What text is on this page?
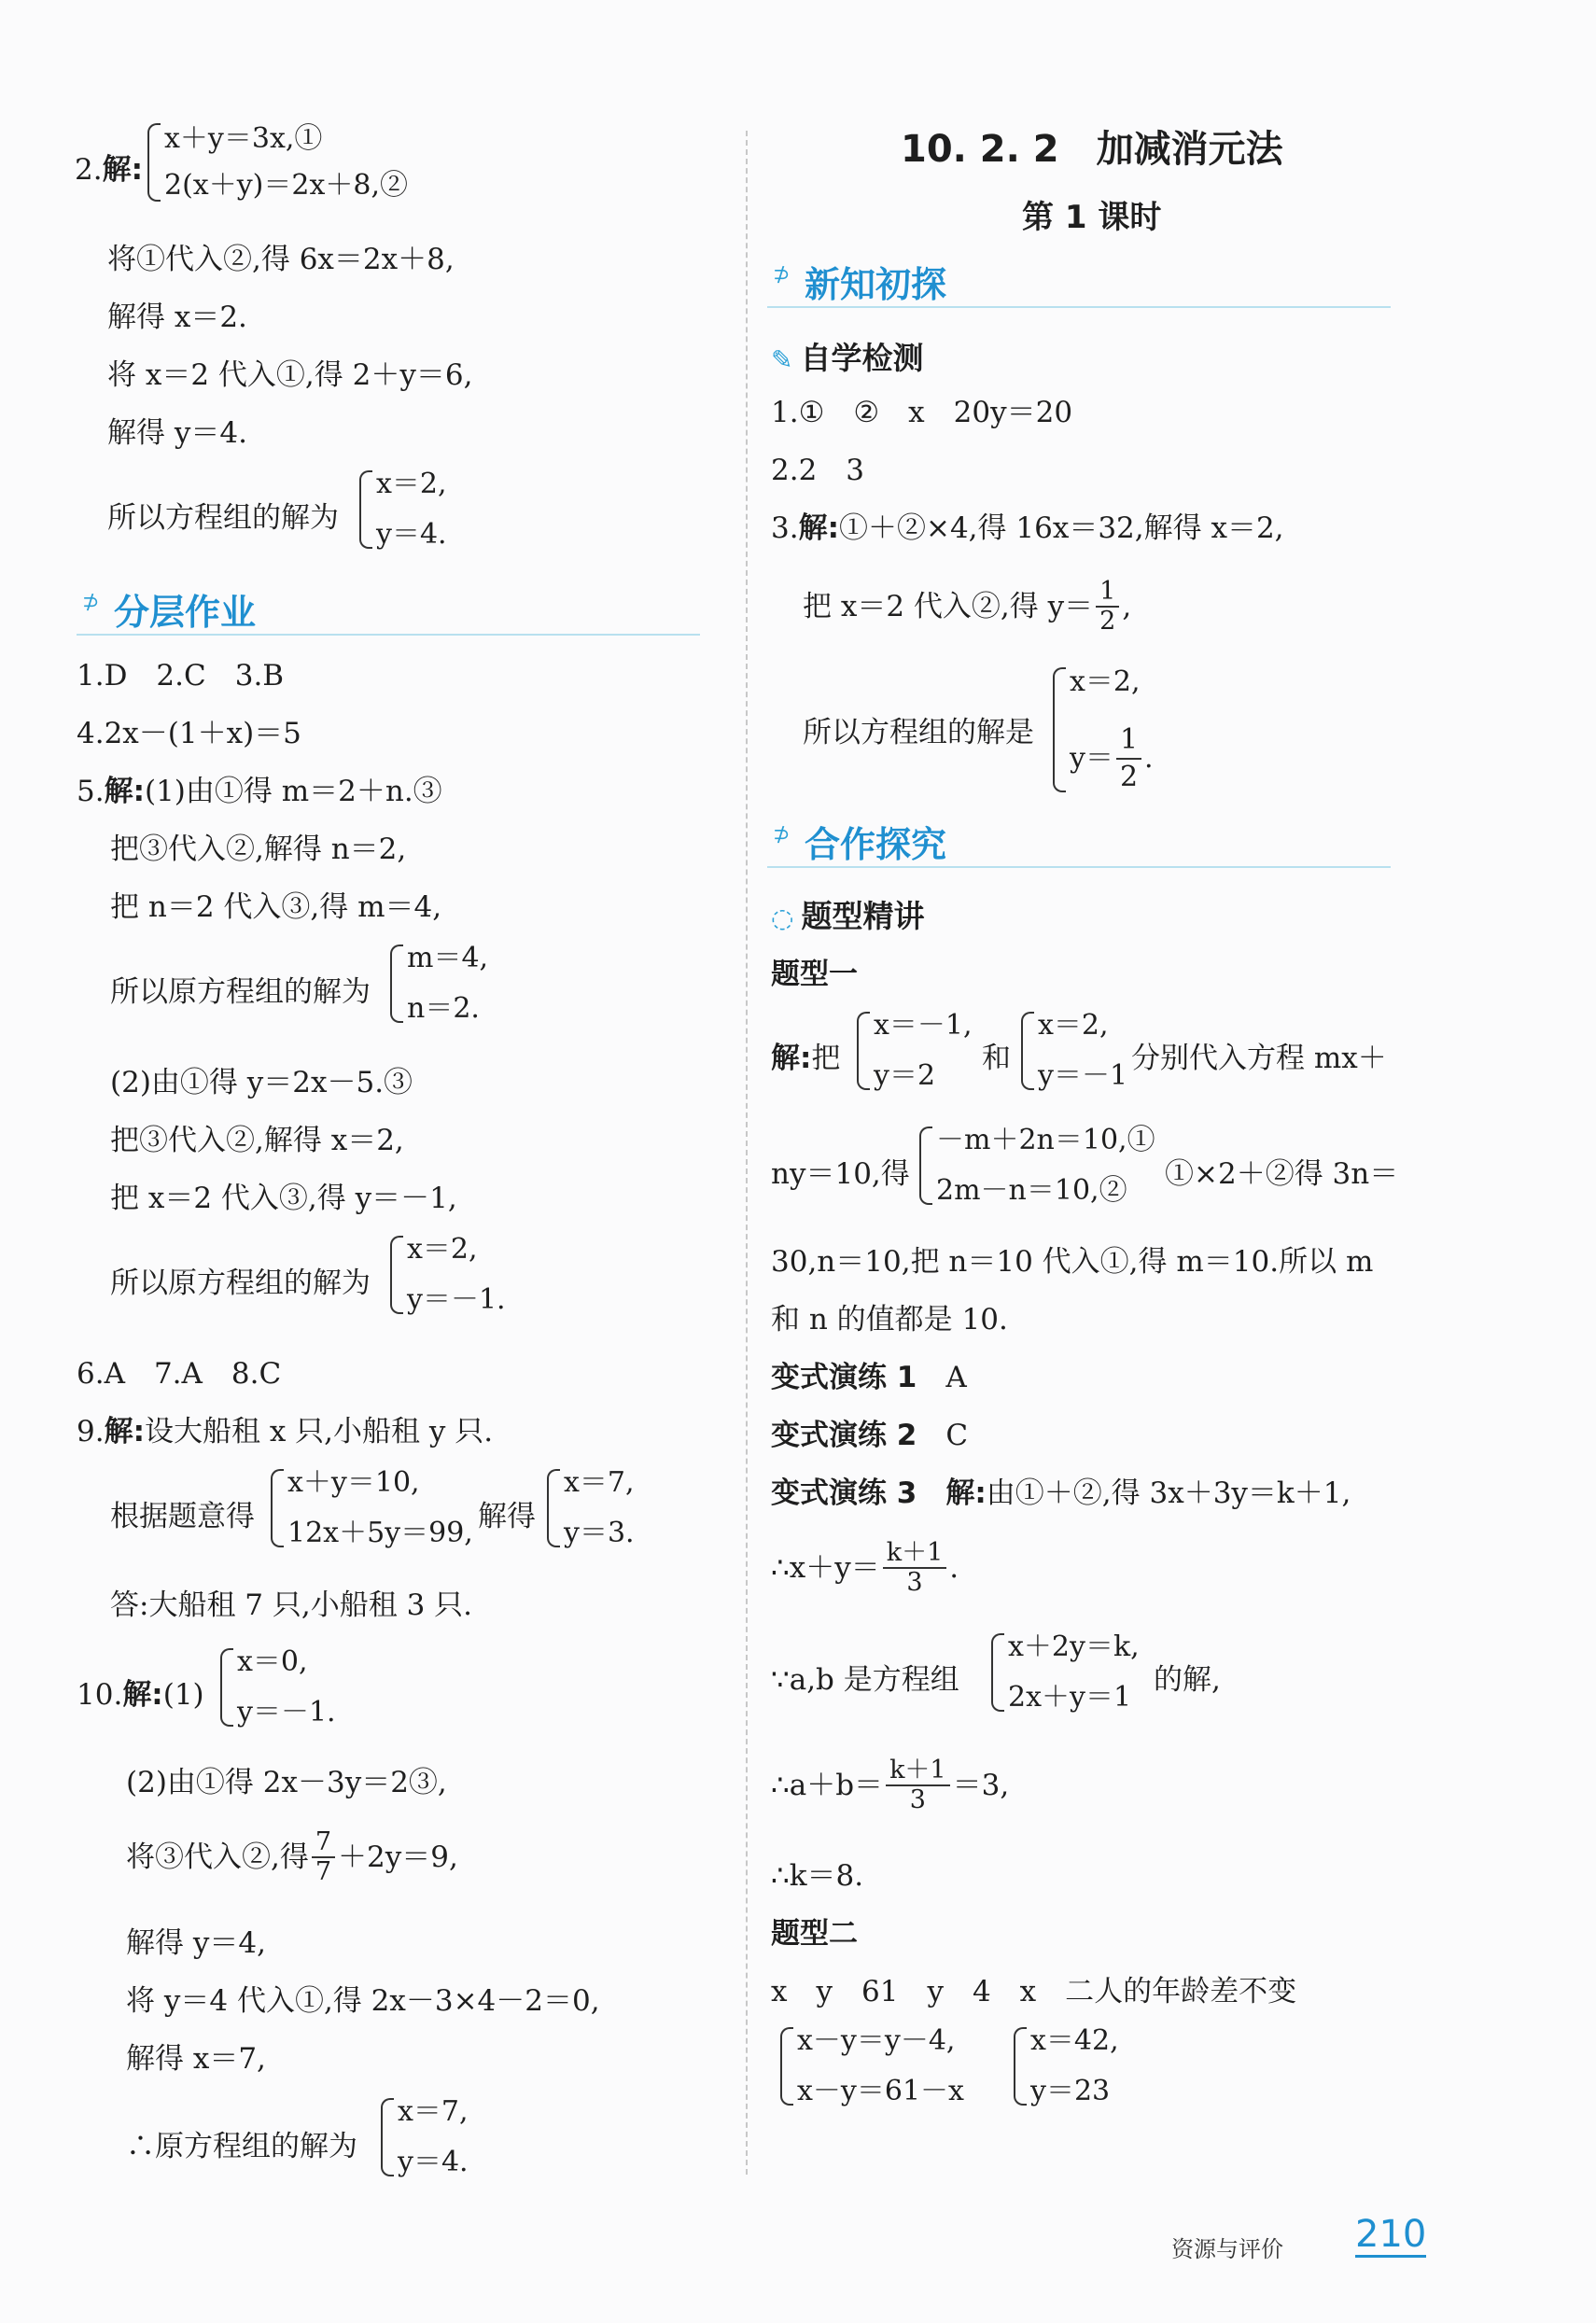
2.解:
x＋y＝3x,①
2(x＋y)＝2x＋8,②
将①代入②,得 6x＝2x＋8,
解得 x＝2.
将 x＝2 代入①,得 2＋y＝6,
解得 y＝4.
所以方程组的解为
x＝2,
y＝4.
⊅ 分层作业
1.D　2.C　3.B
4.2x－(1＋x)＝5
5.解:(1)由①得 m＝2＋n.③
把③代入②,解得 n＝2,
把 n＝2 代入③,得 m＝4,
所以原方程组的解为
m＝4,
n＝2.
(2)由①得 y＝2x－5.③
把③代入②,解得 x＝2,
把 x＝2 代入③,得 y＝－1,
所以原方程组的解为
x＝2,
y＝－1.
6.A　7.A　8.C
9.解:设大船租 x 只,小船租 y 只.
根据题意得
x＋y＝10,
12x＋5y＝99, 解得
x＝7,
y＝3.
答:大船租 7 只,小船租 3 只.
10.解:(1)
x＝0,
y＝－1.
(2)由①得 2x－3y＝2③,
将③代入②,得 $\frac{7}{7} +2y=9$,
解得 y＝4,
将 y＝4 代入①,得 2x－3×4－2＝0,
解得 x＝7,
∴原方程组的解为
x＝7,
y＝4.
10. 2. 2　加减消元法
第 1 课时
⊅ 新知初探
✎ 自学检测
1.①　②　x　20y＝20
2.2　3
3.解:①＋②×4,得 16x＝32,解得 x＝2,
把 x＝2 代入②,得 $y= \frac{1}{2}$ ,
所以方程组的解是
x＝2,
$y= \frac{1}{2}$ .
⊅ 合作探究
◌ 题型精讲
题型一
解:把
x＝－1,
y＝2
和
x＝2,
y＝－1
分别代入方程 mx＋
ny＝10,得
－m＋2n＝10,①
2m－n＝10,②	①×2＋②得 3n＝
30,n＝10,把 n＝10 代入①,得 m＝10.所以 m
和 n 的值都是 10.
变式演练 1　 A
变式演练 2　 C
变式演练 3　 解:由①＋②,得 3x＋3y＝k＋1,
∴x＋y＝ $\frac{k+1}{3}$ .
∵a,b 是方程组
x＋2y＝k,
2x＋y＝1
的解,
∴a＋b＝ $\frac{k+1}{3} =3$,
∴k＝8.
题型二
x　y　61　y　4　x　二人的年龄差不变
x－y＝y－4,
x－y＝61－x
x＝42,
y＝23
资源与评价 210
